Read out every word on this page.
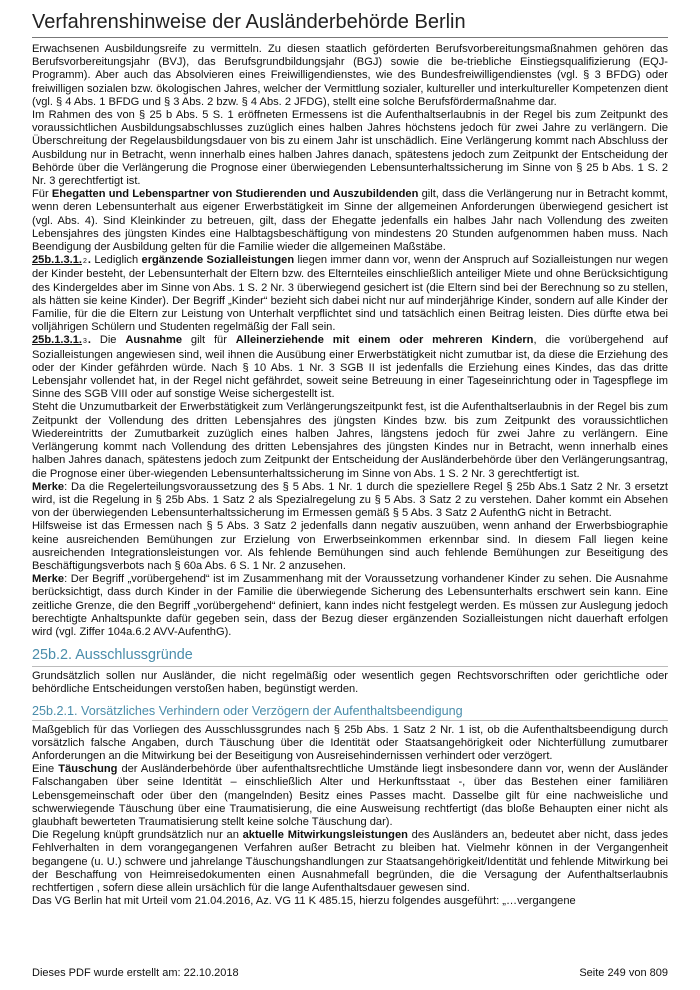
Verfahrenshinweise der Ausländerbehörde Berlin

Erwachsenen Ausbildungsreife zu vermitteln. Zu diesen staatlich geförderten Berufsvorbereitungsmaßnahmen gehören das Berufsvorbereitungsjahr (BVJ), das Berufsgrundbildungsjahr (BGJ) sowie die be-triebliche Einstiegsqualifizierung (EQJ-Programm). Aber auch das Absolvieren eines Freiwilligendienstes, wie des Bundesfreiwilligendienstes (vgl. § 3 BFDG) oder freiwilligen sozialen bzw. ökologischen Jahres, welcher der Vermittlung sozialer, kultureller und interkultureller Kompetenzen dient (vgl. § 4 Abs. 1 BFDG und § 3 Abs. 2 bzw. § 4 Abs. 2 JFDG), stellt eine solche Berufsfördermaßnahme dar.

Im Rahmen des von § 25 b Abs. 5 S. 1 eröffneten Ermessens ist die Aufenthaltserlaubnis in der Regel bis zum Zeitpunkt des voraussichtlichen Ausbildungsabschlusses zuzüglich eines halben Jahres höchstens jedoch für zwei Jahre zu verlängern. Die Überschreitung der Regelausbildungsdauer von bis zu einem Jahr ist unschädlich. Eine Verlängerung kommt nach Abschluss der Ausbildung nur in Betracht, wenn innerhalb eines halben Jahres danach, spätestens jedoch zum Zeitpunkt der Entscheidung der Behörde über die Verlängerung die Prognose einer überwiegenden Lebensunterhaltssicherung im Sinne von § 25 b Abs. 1 S. 2 Nr. 3 gerechtfertigt ist.

Für Ehegatten und Lebenspartner von Studierenden und Auszubildenden gilt, dass die Verlängerung nur in Betracht kommt, wenn deren Lebensunterhalt aus eigener Erwerbstätigkeit im Sinne der allgemeinen Anforderungen überwiegend gesichert ist (vgl. Abs. 4). Sind Kleinkinder zu betreuen, gilt, dass der Ehegatte jedenfalls ein halbes Jahr nach Vollendung des zweiten Lebensjahres des jüngsten Kindes eine Halbtagsbeschäftigung von mindestens 20 Stunden aufgenommen haben muss. Nach Beendigung der Ausbildung gelten für die Familie wieder die allgemeinen Maßstäbe.

25b.1.3.1.2. Lediglich ergänzende Sozialleistungen liegen immer dann vor, wenn der Anspruch auf Sozialleistungen nur wegen der Kinder besteht, der Lebensunterhalt der Eltern bzw. des Elternteiles einschließlich anteiliger Miete und ohne Berücksichtigung des Kindergeldes aber im Sinne von Abs. 1 S. 2 Nr. 3 überwiegend gesichert ist (die Eltern sind bei der Berechnung so zu stellen, als hätten sie keine Kinder). Der Begriff „Kinder“ bezieht sich dabei nicht nur auf minderjährige Kinder, sondern auf alle Kinder der Familie, für die die Eltern zur Leistung von Unterhalt verpflichtet sind und tatsächlich einen Beitrag leisten. Dies dürfte etwa bei volljährigen Schülern und Studenten regelmäßig der Fall sein.

25b.1.3.1.3. Die Ausnahme gilt für Alleinerziehende mit einem oder mehreren Kindern, die vorübergehend auf Sozialleistungen angewiesen sind, weil ihnen die Ausübung einer Erwerbstätigkeit nicht zumutbar ist, da diese die Erziehung des oder der Kinder gefährden würde. Nach § 10 Abs. 1 Nr. 3 SGB II ist jedenfalls die Erziehung eines Kindes, das das dritte Lebensjahr vollendet hat, in der Regel nicht gefährdet, soweit seine Betreuung in einer Tageseinrichtung oder in Tagespflege im Sinne des SGB VIII oder auf sonstige Weise sichergestellt ist.

Steht die Unzumutbarkeit der Erwerbstätigkeit zum Verlängerungszeitpunkt fest, ist die Aufenthaltserlaubnis in der Regel bis zum Zeitpunkt der Vollendung des dritten Lebensjahres des jüngsten Kindes bzw. bis zum Zeitpunkt des voraussichtlichen Wiedereintritts der Zumutbarkeit zuzüglich eines halben Jahres, längstens jedoch für zwei Jahre zu verlängern. Eine Verlängerung kommt nach Vollendung des dritten Lebensjahres des jüngsten Kindes nur in Betracht, wenn innerhalb eines halben Jahres danach, spätestens jedoch zum Zeitpunkt der Entscheidung der Ausländerbehörde über den Verlängerungsantrag, die Prognose einer über-wiegenden Lebensunterhaltssicherung im Sinne von Abs. 1 S. 2 Nr. 3 gerechtfertigt ist.

Merke: Da die Regelerteilungsvoraussetzung des § 5 Abs. 1 Nr. 1 durch die speziellere Regel § 25b Abs.1 Satz 2 Nr. 3 ersetzt wird, ist die Regelung in § 25b Abs. 1 Satz 2 als Spezialregelung zu § 5 Abs. 3 Satz 2 zu verstehen. Daher kommt ein Absehen von der überwiegenden Lebensunterhaltssicherung im Ermessen gemäß § 5 Abs. 3 Satz 2 AufenthG nicht in Betracht.

Hilfsweise ist das Ermessen nach § 5 Abs. 3 Satz 2 jedenfalls dann negativ auszuüben, wenn anhand der Erwerbsbiographie keine ausreichenden Bemühungen zur Erzielung von Erwerbseinkommen erkennbar sind. In diesem Fall liegen keine ausreichenden Integrationsleistungen vor. Als fehlende Bemühungen sind auch fehlende Bemühungen zur Beseitigung des Beschäftigungsverbots nach § 60a Abs. 6 S. 1 Nr. 2 anzusehen.

Merke: Der Begriff „vorübergehend“ ist im Zusammenhang mit der Voraussetzung vorhandener Kinder zu sehen. Die Ausnahme berücksichtigt, dass durch Kinder in der Familie die überwiegende Sicherung des Lebensunterhalts erschwert sein kann. Eine zeitliche Grenze, die den Begriff „vorübergehend“ definiert, kann indes nicht festgelegt werden. Es müssen zur Auslegung jedoch berechtigte Anhaltspunkte dafür gegeben sein, dass der Bezug dieser ergänzenden Sozialleistungen nicht dauerhaft erfolgen wird (vgl. Ziffer 104a.6.2 AVV-AufenthG).

25b.2. Ausschlussgründe

Grundsätzlich sollen nur Ausländer, die nicht regelmäßig oder wesentlich gegen Rechtsvorschriften oder gerichtliche oder behördliche Entscheidungen verstoßen haben, begünstigt werden.

25b.2.1. Vorsätzliches Verhindern oder Verzögern der Aufenthaltsbeendigung

Maßgeblich für das Vorliegen des Ausschlussgrundes nach § 25b Abs. 1 Satz 2 Nr. 1 ist, ob die Aufenthaltsbeendigung durch vorsätzlich falsche Angaben, durch Täuschung über die Identität oder Staatsangehörigkeit oder Nichterfüllung zumutbarer Anforderungen an die Mitwirkung bei der Beseitigung von Ausreisehindernissen verhindert oder verzögert.

Eine Täuschung der Ausländerbehörde über aufenthaltsrechtliche Umstände liegt insbesondere dann vor, wenn der Ausländer Falschangaben über seine Identität – einschließlich Alter und Herkunftsstaat -, über das Bestehen einer familiären Lebensgemeinschaft oder über den (mangelnden) Besitz eines Passes macht. Dasselbe gilt für eine nachweisliche und schwerwiegende Täuschung über eine Traumatisierung, die eine Ausweisung rechtfertigt (das bloße Behaupten einer nicht als glaubhaft bewerteten Traumatisierung stellt keine solche Täuschung dar).

Die Regelung knüpft grundsätzlich nur an aktuelle Mitwirkungsleistungen des Ausländers an, bedeutet aber nicht, dass jedes Fehlverhalten in dem vorangegangenen Verfahren außer Betracht zu bleiben hat. Vielmehr können in der Vergangenheit begangene (u. U.) schwere und jahrelange Täuschungshandlungen zur Staatsangehörigkeit/Identität und fehlende Mitwirkung bei der Beschaffung von Heimreisedokumenten einen Ausnahmefall begründen, die die Versagung der Aufenthaltserlaubnis rechtfertigen , sofern diese allein ursächlich für die lange Aufenthaltsdauer gewesen sind.

Das VG Berlin hat mit Urteil vom 21.04.2016, Az. VG 11 K 485.15, hierzu folgendes ausgeführt: „…vergangene

Dieses PDF wurde erstellt am: 22.10.2018	Seite 249 von 809
